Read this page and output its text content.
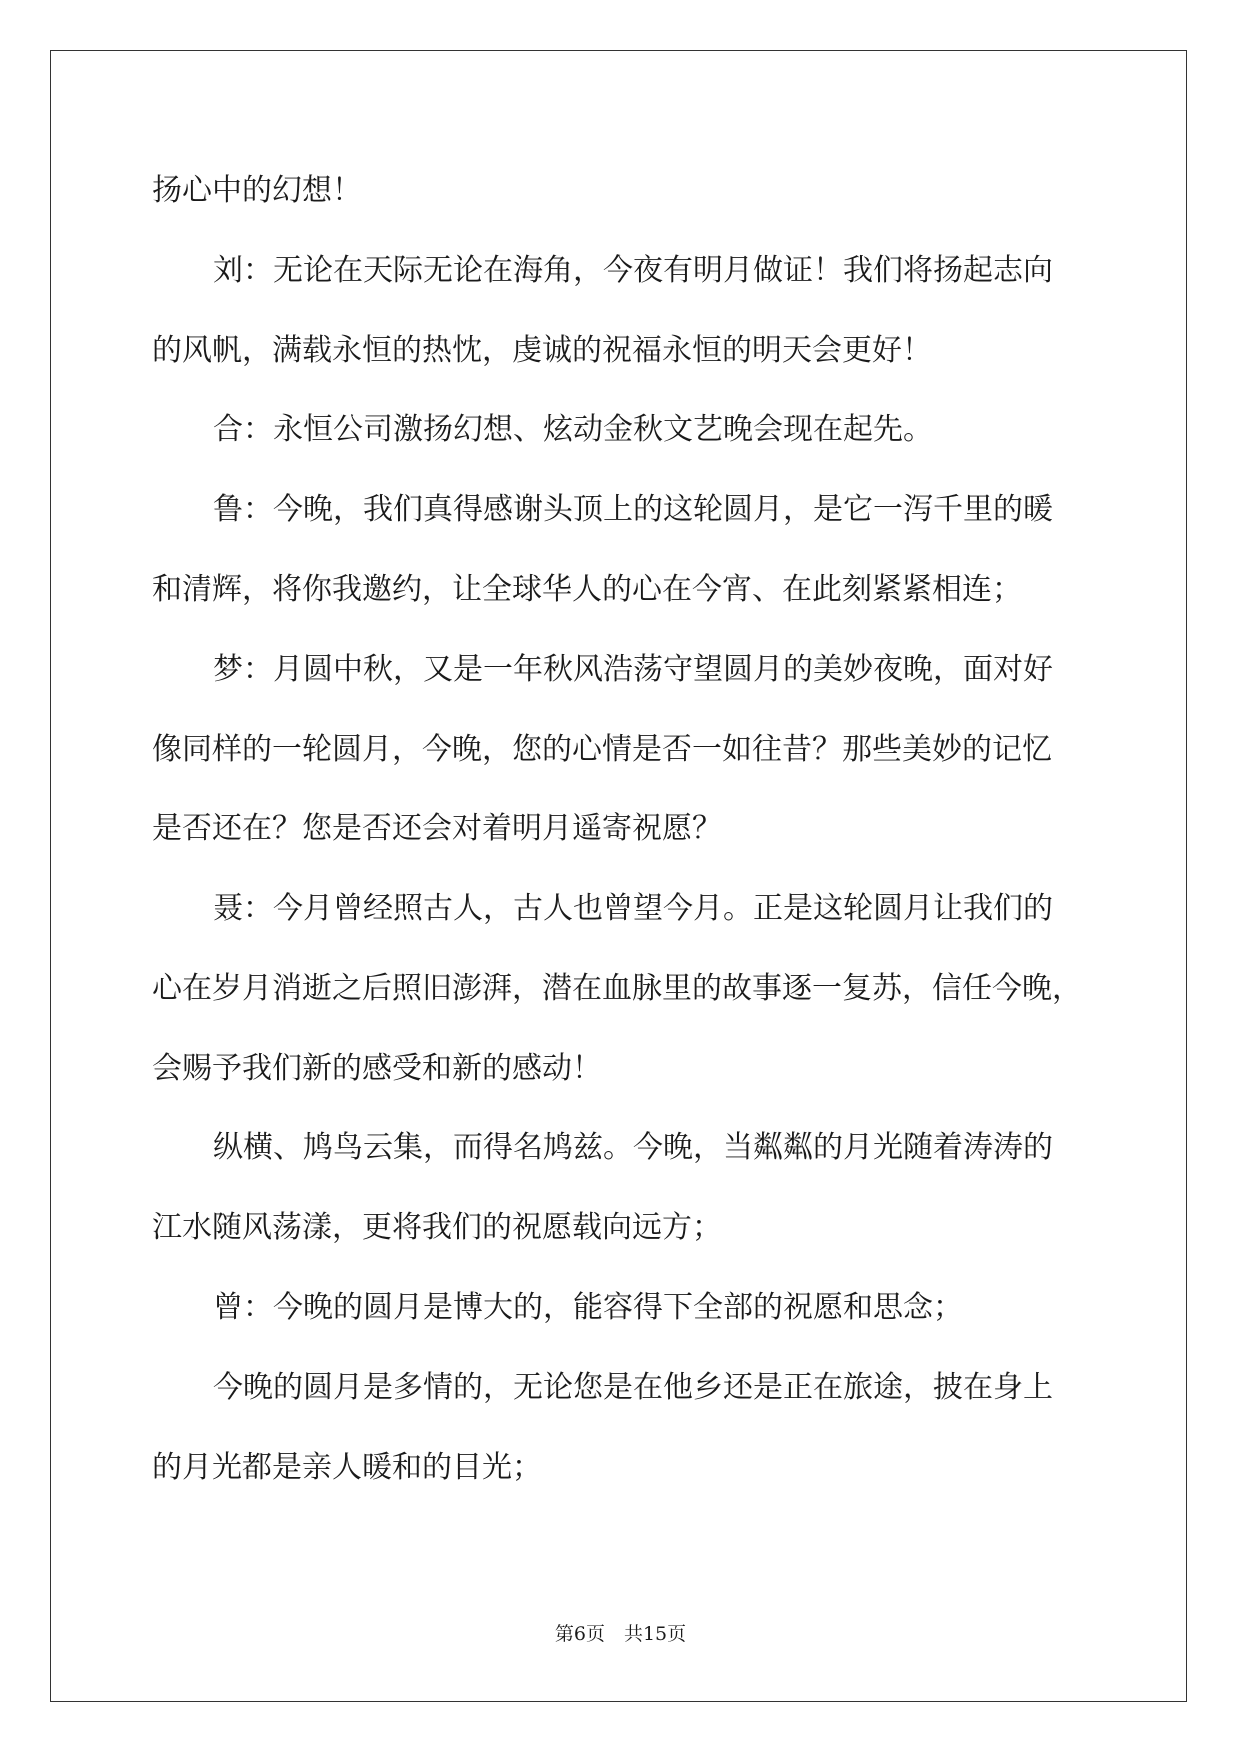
扬心中的幻想！

刘：无论在天际无论在海角，今夜有明月做证！我们将扬起志向

的风帆，满载永恒的热忱，虔诚的祝福永恒的明天会更好！

合：永恒公司激扬幻想、炫动金秋文艺晚会现在起先。

鲁：今晚，我们真得感谢头顶上的这轮圆月，是它一泻千里的暖

和清辉，将你我邀约，让全球华人的心在今宵、在此刻紧紧相连；

梦：月圆中秋，又是一年秋风浩荡守望圆月的美妙夜晚，面对好

像同样的一轮圆月，今晚，您的心情是否一如往昔？那些美妙的记忆

是否还在？您是否还会对着明月遥寄祝愿？

聂：今月曾经照古人，古人也曾望今月。正是这轮圆月让我们的

心在岁月消逝之后照旧澎湃，潜在血脉里的故事逐一复苏，信任今晚，

会赐予我们新的感受和新的感动！

纵横、鸠鸟云集，而得名鸠兹。今晚，当粼粼的月光随着涛涛的

江水随风荡漾，更将我们的祝愿载向远方；

曾：今晚的圆月是博大的，能容得下全部的祝愿和思念；

今晚的圆月是多情的，无论您是在他乡还是正在旅途，披在身上

的月光都是亲人暖和的目光；

第6页　共15页
